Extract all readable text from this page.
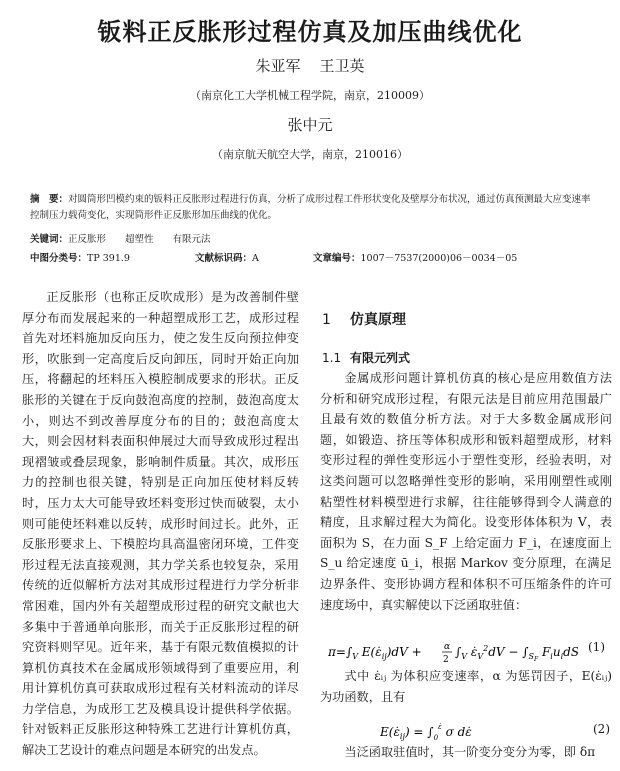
钣料正反胀形过程仿真及加压曲线优化
朱亚军    王卫英
（南京化工大学机械工程学院，南京，210009）
张中元
（南京航天航空大学，南京，210016）
摘　要：对圆筒形凹模约束的钣料正反胀形过程进行仿真，分析了成形过程工件形状变化及壁厚分布状况，通过仿真预测最大应变速率控制压力载荷变化，实现筒形件正反胀形加压曲线的优化。
关键词：正反胀形　　超塑性　　有限元法
中图分类号：TP 391.9	文献标识码：A	文章编号：1007－7537(2000)06－0034－05

正反胀形（也称正反吹成形）是为改善制件壁厚分布而发展起来的一种超塑成形工艺，成形过程首先对坯料施加反向压力，使之发生反向预拉伸变形，吹胀到一定高度后反向卸压，同时开始正向加压，将翻起的坯料压入模腔制成要求的形状。正反胀形的关键在于反向鼓泡高度的控制，鼓泡高度太小，则达不到改善厚度分布的目的；鼓泡高度太大，则会因材料表面积伸展过大而导致成形过程出现褶皱或叠层现象，影响制件质量。其次，成形压力的控制也很关键，特别是正向加压使材料反转时，压力太大可能导致坯料变形过快而破裂，太小则可能使坯料难以反转，成形时间过长。此外，正反胀形要求上、下模腔均具高温密闭环境，工件变形过程无法直接观测，其力学关系也较复杂，采用传统的近似解析方法对其成形过程进行力学分析非常困难，国内外有关超塑成形过程的研究文献也大多集中于普通单向胀形，而关于正反胀形过程的研究资料则罕见。近年来，基于有限元数值模拟的计算机仿真技术在金属成形领域得到了重要应用，利用计算机仿真可获取成形过程有关材料流动的详尽力学信息，为成形工艺及模具设计提供科学依据。针对钣料正反胀形这种特殊工艺进行计算机仿真，解决工艺设计的难点问题是本研究的出发点。

1 仿真原理
1.1 有限元列式

金属成形问题计算机仿真的核心是应用数值方法分析和研究成形过程，有限元法是目前应用范围最广且最有效的数值分析方法。对于大多数金属成形问题，如锻造、挤压等体积成形和钣料超塑成形，材料变形过程的弹性变形远小于塑性变形，经验表明，对这类问题可以忽略弹性变形的影响，采用刚塑性或刚粘塑性材料模型进行求解，往往能够得到令人满意的精度，且求解过程大为简化。设变形体体积为 V，表面积为 S，在力面 S_F 上给定面力 F_i，在速度面上 S_u 给定速度 ū_i，根据 Markov 变分原理，在满足边界条件、变形协调方程和体积不可压缩条件的许可速度场中，真实解使以下泛函取驻值：

$\pi=\int_V$ $E(\varepsiloṅ_{ij})dV + \alpha$
2
$\int_V$ $\varepsiloṅ_V^2dV - \int_SF$ $F_iu_idS$ (1)

式中 ε̇ᵢⱼ 为体积应变速率，α 为惩罚因子，E(ε̇ᵢⱼ) 为功函数，且有

$E(\varepsiloṅ_{ij}) = \int_0^{\varepsiloṅ}$ σ dε̇	(2)

当泛函取驻值时，其一阶变分变分为零，即 δπ
